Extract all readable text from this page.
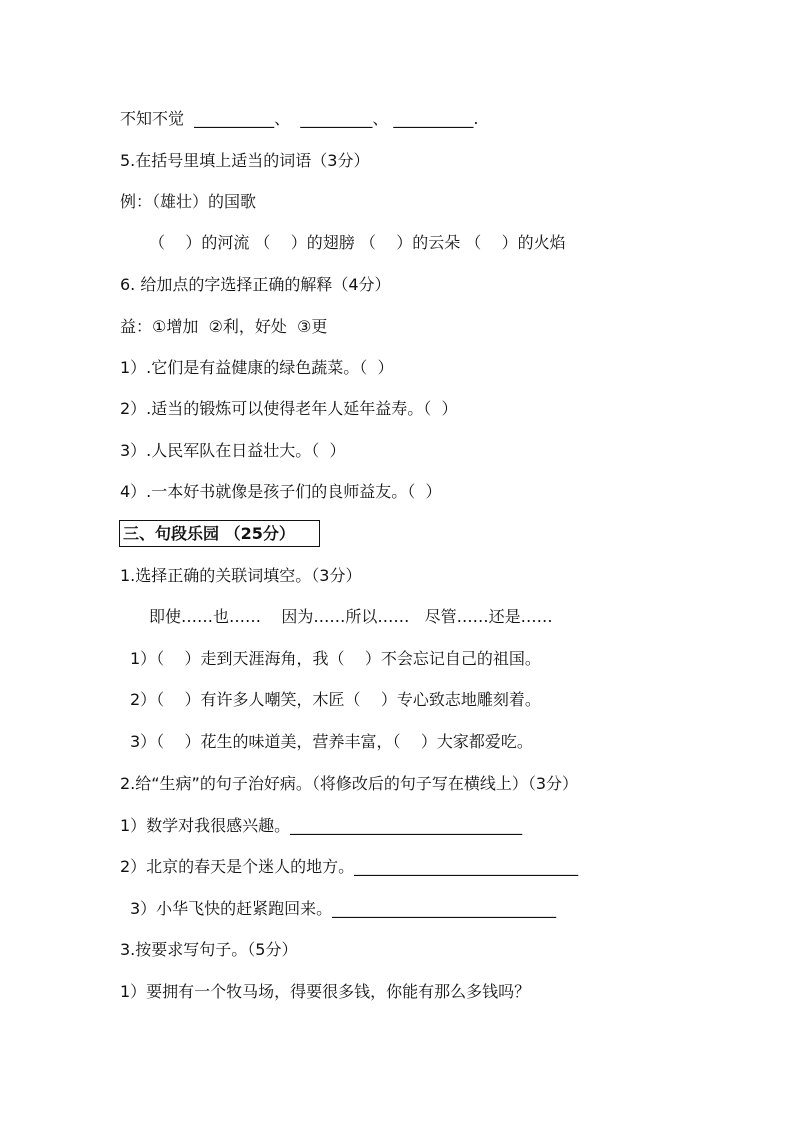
不知不觉  __________、  _________、 __________.
5.在括号里填上适当的词语（3分）
例：（雄壮）的国歌
（    ）的河流 （    ）的翅膀 （    ）的云朵 （    ）的火焰
6. 给加点的字选择正确的解释（4分）
益：①增加  ②利，好处  ③更
1）.它们是有益健康的绿色蔬菜。（  ）
2）.适当的锻炼可以使得老年人延年益寿。（  ）
3）.人民军队在日益壮大。（  ）
4）.一本好书就像是孩子们的良师益友。（  ）
三、句段乐园 （25分）
1.选择正确的关联词填空。（3分）
即使……也……    因为……所以……   尽管……还是……
1）（    ）走到天涯海角，我（    ）不会忘记自己的祖国。
2）（    ）有许多人嘲笑，木匠（    ）专心致志地雕刻着。
3）（    ）花生的味道美，营养丰富，（    ）大家都爱吃。
2.给“生病”的句子治好病。（将修改后的句子写在横线上）（3分）
1）数学对我很感兴趣。_____________________________
2）北京的春天是个迷人的地方。____________________________
3）小华飞快的赶紧跑回来。____________________________
3.按要求写句子。（5分）
1）要拥有一个牧马场，得要很多钱，你能有那么多钱吗？
